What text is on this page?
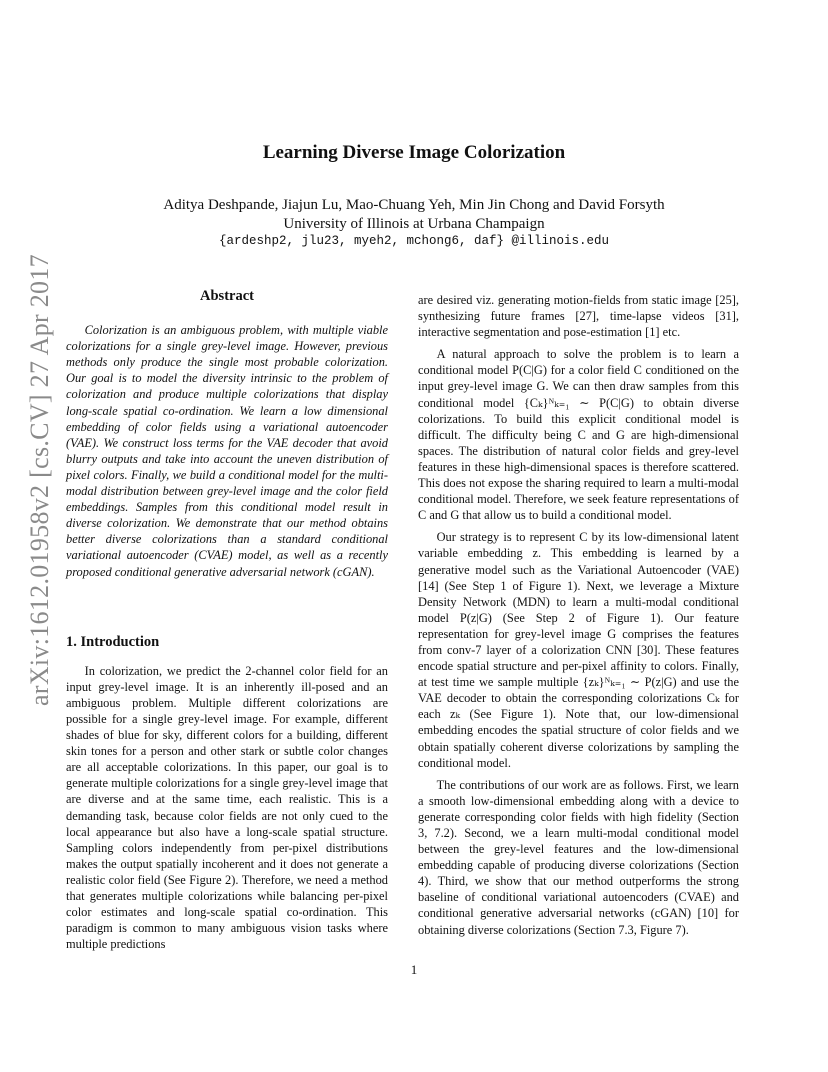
arXiv:1612.01958v2 [cs.CV] 27 Apr 2017
Learning Diverse Image Colorization
Aditya Deshpande, Jiajun Lu, Mao-Chuang Yeh, Min Jin Chong and David Forsyth
University of Illinois at Urbana Champaign
{ardeshp2, jlu23, myeh2, mchong6, daf} @illinois.edu
Abstract

Colorization is an ambiguous problem, with multiple viable colorizations for a single grey-level image. However, previous methods only produce the single most probable colorization. Our goal is to model the diversity intrinsic to the problem of colorization and produce multiple colorizations that display long-scale spatial co-ordination. We learn a low dimensional embedding of color fields using a variational autoencoder (VAE). We construct loss terms for the VAE decoder that avoid blurry outputs and take into account the uneven distribution of pixel colors. Finally, we build a conditional model for the multi-modal distribution between grey-level image and the color field embeddings. Samples from this conditional model result in diverse colorization. We demonstrate that our method obtains better diverse colorizations than a standard conditional variational autoencoder (CVAE) model, as well as a recently proposed conditional generative adversarial network (cGAN).

1. Introduction

In colorization, we predict the 2-channel color field for an input grey-level image. It is an inherently ill-posed and an ambiguous problem. Multiple different colorizations are possible for a single grey-level image. For example, different shades of blue for sky, different colors for a building, different skin tones for a person and other stark or subtle color changes are all acceptable colorizations. In this paper, our goal is to generate multiple colorizations for a single grey-level image that are diverse and at the same time, each realistic. This is a demanding task, because color fields are not only cued to the local appearance but also have a long-scale spatial structure. Sampling colors independently from per-pixel distributions makes the output spatially incoherent and it does not generate a realistic color field (See Figure 2). Therefore, we need a method that generates multiple colorizations while balancing per-pixel color estimates and long-scale spatial co-ordination. This paradigm is common to many ambiguous vision tasks where multiple predictions

are desired viz. generating motion-fields from static image [25], synthesizing future frames [27], time-lapse videos [31], interactive segmentation and pose-estimation [1] etc.

A natural approach to solve the problem is to learn a conditional model P(C|G) for a color field C conditioned on the input grey-level image G. We can then draw samples from this conditional model {Cₖ}ᴺₖ₌₁ ∼ P(C|G) to obtain diverse colorizations. To build this explicit conditional model is difficult. The difficulty being C and G are high-dimensional spaces. The distribution of natural color fields and grey-level features in these high-dimensional spaces is therefore scattered. This does not expose the sharing required to learn a multi-modal conditional model. Therefore, we seek feature representations of C and G that allow us to build a conditional model.

Our strategy is to represent C by its low-dimensional latent variable embedding z. This embedding is learned by a generative model such as the Variational Autoencoder (VAE) [14] (See Step 1 of Figure 1). Next, we leverage a Mixture Density Network (MDN) to learn a multi-modal conditional model P(z|G) (See Step 2 of Figure 1). Our feature representation for grey-level image G comprises the features from conv-7 layer of a colorization CNN [30]. These features encode spatial structure and per-pixel affinity to colors. Finally, at test time we sample multiple {zₖ}ᴺₖ₌₁ ∼ P(z|G) and use the VAE decoder to obtain the corresponding colorizations Cₖ for each zₖ (See Figure 1). Note that, our low-dimensional embedding encodes the spatial structure of color fields and we obtain spatially coherent diverse colorizations by sampling the conditional model.

The contributions of our work are as follows. First, we learn a smooth low-dimensional embedding along with a device to generate corresponding color fields with high fidelity (Section 3, 7.2). Second, we a learn multi-modal conditional model between the grey-level features and the low-dimensional embedding capable of producing diverse colorizations (Section 4). Third, we show that our method outperforms the strong baseline of conditional variational autoencoders (CVAE) and conditional generative adversarial networks (cGAN) [10] for obtaining diverse colorizations (Section 7.3, Figure 7).

1
